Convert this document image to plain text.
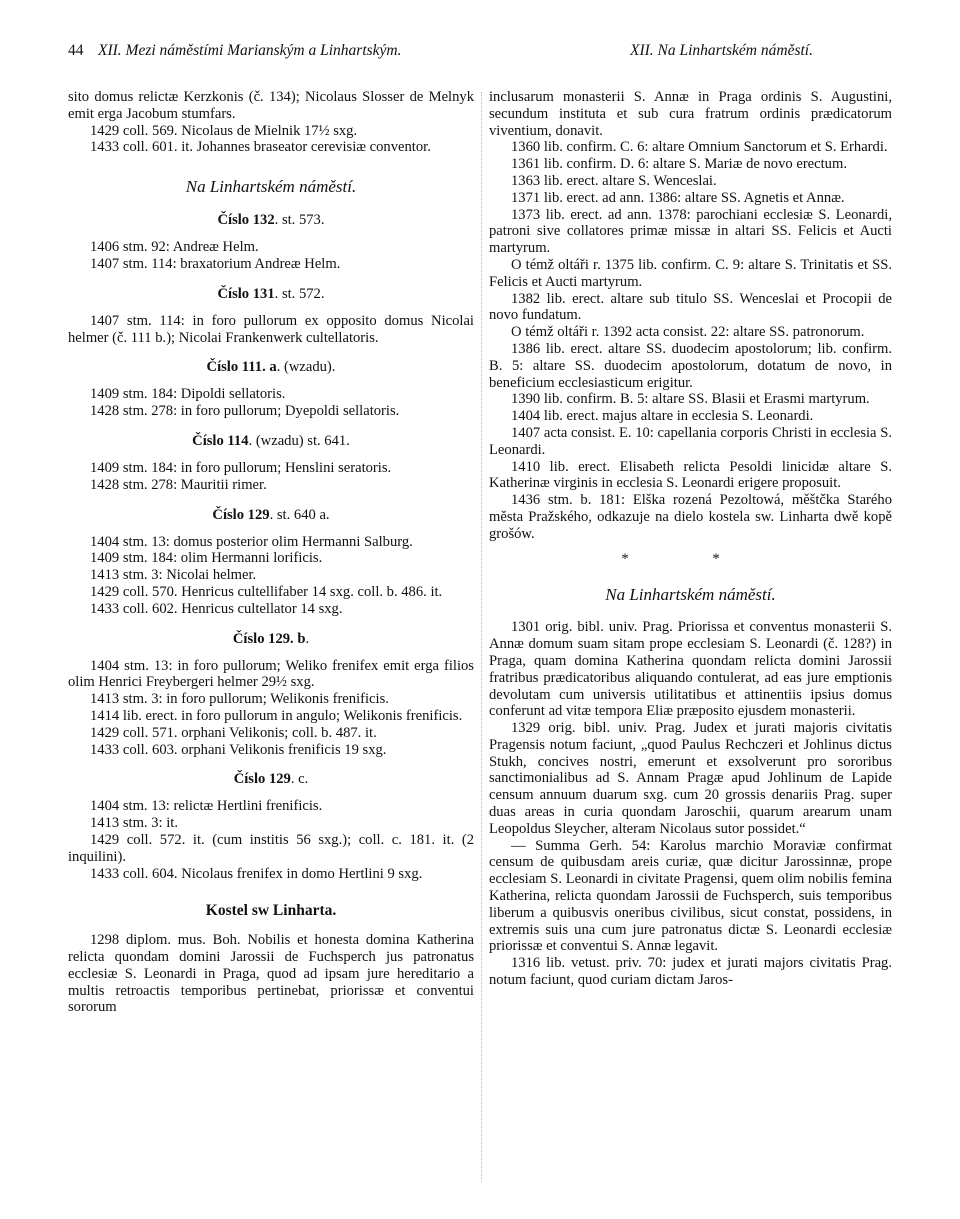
44 XII. Mezi náměstími Marianským a Linhartským.	XII. Na Linhartském náměstí.

sito domus relictæ Kerzkonis (č. 134); Nicolaus Slosser de Melnyk emit erga Jacobum stumfars.

1429 coll. 569. Nicolaus de Mielnik 17½ sxg.

1433 coll. 601. it. Johannes braseator cerevisiæ conventor.

Na Linhartském náměstí.
Číslo 132. st. 573.

1406 stm. 92: Andreæ Helm.

1407 stm. 114: braxatorium Andreæ Helm.

Číslo 131. st. 572.

1407 stm. 114: in foro pullorum ex opposito domus Nicolai helmer (č. 111 b.); Nicolai Frankenwerk cultellatoris.

Číslo 111. a. (wzadu).

1409 stm. 184: Dipoldi sellatoris.

1428 stm. 278: in foro pullorum; Dyepoldi sellatoris.

Číslo 114. (wzadu) st. 641.

1409 stm. 184: in foro pullorum; Henslini seratoris.

1428 stm. 278: Mauritii rimer.

Číslo 129. st. 640 a.

1404 stm. 13: domus posterior olim Hermanni Salburg.

1409 stm. 184: olim Hermanni lorificis.

1413 stm. 3: Nicolai helmer.

1429 coll. 570. Henricus cultellifaber 14 sxg. coll. b. 486. it.

1433 coll. 602. Henricus cultellator 14 sxg.

Číslo 129. b.

1404 stm. 13: in foro pullorum; Weliko frenifex emit erga filios olim Henrici Freybergeri helmer 29½ sxg.

1413 stm. 3: in foro pullorum; Welikonis frenificis.

1414 lib. erect. in foro pullorum in angulo; Welikonis frenificis.

1429 coll. 571. orphani Velikonis; coll. b. 487. it.

1433 coll. 603. orphani Velikonis frenificis 19 sxg.

Číslo 129. c.

1404 stm. 13: relictæ Hertlini frenificis.

1413 stm. 3: it.

1429 coll. 572. it. (cum institis 56 sxg.); coll. c. 181. it. (2 inquilini).

1433 coll. 604. Nicolaus frenifex in domo Hertlini 9 sxg.

Kostel sw Linharta.

1298 diplom. mus. Boh. Nobilis et honesta domina Katherina relicta quondam domini Jarossii de Fuchsperch jus patronatus ecclesiæ S. Leonardi in Praga, quod ad ipsam jure hereditario a multis retroactis temporibus pertinebat, priorissæ et conventui sororum

inclusarum monasterii S. Annæ in Praga ordinis S. Augustini, secundum instituta et sub cura fratrum ordinis prædicatorum viventium, donavit.

1360 lib. confirm. C. 6: altare Omnium Sanctorum et S. Erhardi.

1361 lib. confirm. D. 6: altare S. Mariæ de novo erectum.

1363 lib. erect. altare S. Wenceslai.

1371 lib. erect. ad ann. 1386: altare SS. Agnetis et Annæ.

1373 lib. erect. ad ann. 1378: parochiani ecclesiæ S. Leonardi, patroni sive collatores primæ missæ in altari SS. Felicis et Aucti martyrum.

O témž oltáři r. 1375 lib. confirm. C. 9: altare S. Trinitatis et SS. Felicis et Aucti martyrum.

1382 lib. erect. altare sub titulo SS. Wenceslai et Procopii de novo fundatum.

O témž oltáři r. 1392 acta consist. 22: altare SS. patronorum.

1386 lib. erect. altare SS. duodecim apostolorum; lib. confirm. B. 5: altare SS. duodecim apostolorum, dotatum de novo, in beneficium ecclesiasticum erigitur.

1390 lib. confirm. B. 5: altare SS. Blasii et Erasmi martyrum.

1404 lib. erect. majus altare in ecclesia S. Leonardi.

1407 acta consist. E. 10: capellania corporis Christi in ecclesia S. Leonardi.

1410 lib. erect. Elisabeth relicta Pesoldi linicidæ altare S. Katherinæ virginis in ecclesia S. Leonardi erigere proposuit.

1436 stm. b. 181: Elška rozená Pezoltowá, měštčka Starého města Pražského, odkazuje na dielo kostela sw. Linharta dwě kopě grošów.

* *
Na Linhartském náměstí.

1301 orig. bibl. univ. Prag. Priorissa et conventus monasterii S. Annæ domum suam sitam prope ecclesiam S. Leonardi (č. 128?) in Praga, quam domina Katherina quondam relicta domini Jarossii fratribus prædicatoribus aliquando contulerat, ad eas jure emptionis devolutam cum universis utilitatibus et attinentiis ipsius domus conferunt ad vitæ tempora Eliæ præposito ejusdem monasterii.

1329 orig. bibl. univ. Prag. Judex et jurati majoris civitatis Pragensis notum faciunt, „quod Paulus Rechczeri et Johlinus dictus Stukh, concives nostri, emerunt et exsolverunt pro sororibus sanctimonialibus ad S. Annam Pragæ apud Johlinum de Lapide censum annuum duarum sxg. cum 20 grossis denariis Prag. super duas areas in curia quondam Jaroschii, quarum arearum unam Leopoldus Sleycher, alteram Nicolaus sutor possidet.“

— Summa Gerh. 54: Karolus marchio Moraviæ confirmat censum de quibusdam areis curiæ, quæ dicitur Jarossinnæ, prope ecclesiam S. Leonardi in civitate Pragensi, quem olim nobilis femina Katherina, relicta quondam Jarossii de Fuchsperch, suis temporibus liberum a quibusvis oneribus civilibus, sicut constat, possidens, in extremis suis una cum jure patronatus dictæ S. Leonardi ecclesiæ priorissæ et conventui S. Annæ legavit.

1316 lib. vetust. priv. 70: judex et jurati majors civitatis Prag. notum faciunt, quod curiam dictam Jaros-
